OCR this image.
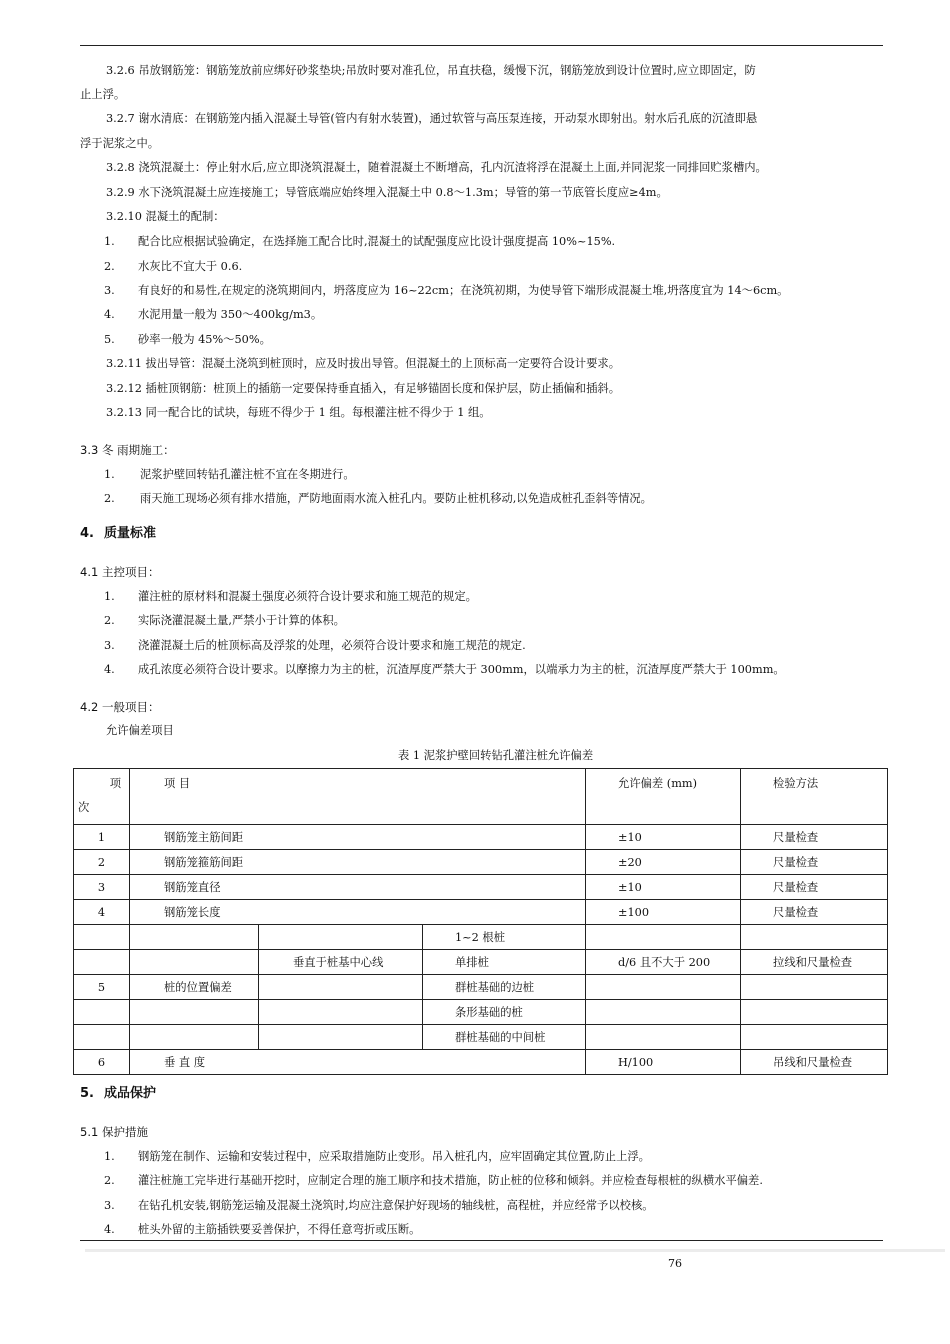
3.2.6 吊放钢筋笼：钢筋笼放前应绑好砂浆垫块;吊放时要对准孔位，吊直扶稳，缓慢下沉，钢筋笼放到设计位置时,应立即固定，防
止上浮。
3.2.7 谢水清底：在钢筋笼内插入混凝土导管(管内有射水装置)，通过软管与高压泵连接，开动泵水即射出。射水后孔底的沉渣即悬
浮于泥浆之中。
3.2.8 浇筑混凝土：停止射水后,应立即浇筑混凝土，随着混凝土不断增高，孔内沉渣将浮在混凝土上面,并同泥浆一同排回贮浆槽内。
3.2.9 水下浇筑混凝土应连接施工；导管底端应始终埋入混凝土中 0.8～1.3m；导管的第一节底管长度应≥4m。
3.2.10 混凝土的配制：
1. 配合比应根据试验确定，在选择施工配合比时,混凝土的试配强度应比设计强度提高 10%~15%.
2. 水灰比不宜大于 0.6.
3. 有良好的和易性,在规定的浇筑期间内，坍落度应为 16~22cm；在浇筑初期，为使导管下端形成混凝土堆,坍落度宜为 14～6cm。
4. 水泥用量一般为 350～400kg/m3。
5. 砂率一般为 45%～50%。
3.2.11 拔出导管：混凝土浇筑到桩顶时，应及时拔出导管。但混凝土的上顶标高一定要符合设计要求。
3.2.12 插桩顶钢筋：桩顶上的插筋一定要保持垂直插入，有足够锚固长度和保护层，防止插偏和插斜。
3.2.13 同一配合比的试块，每班不得少于 1 组。每根灌注桩不得少于 1 组。
3.3 冬 雨期施工：
1. 泥浆护壁回转钻孔灌注桩不宜在冬期进行。
2. 雨天施工现场必须有排水措施，严防地面雨水流入桩孔内。要防止桩机移动,以免造成桩孔歪斜等情况。
4. 质量标准
4.1 主控项目：
1. 灌注桩的原材料和混凝土强度必须符合设计要求和施工规范的规定。
2. 实际浇灌混凝土量,严禁小于计算的体积。
3. 浇灌混凝土后的桩顶标高及浮浆的处理，必须符合设计要求和施工规范的规定.
4. 成孔浓度必须符合设计要求。以摩擦力为主的桩，沉渣厚度严禁大于 300mm，以端承力为主的桩，沉渣厚度严禁大于 100mm。
4.2 一般项目：
允许偏差项目
表 1 泥浆护壁回转钻孔灌注桩允许偏差
项
次	项 目			允许偏差 (mm)	检验方法
1	钢筋笼主筋间距			±10	尺量检查
2	钢筋笼箍筋间距			±20	尺量检查
3	钢筋笼直径			±10	尺量检查
4	钢筋笼长度			±100	尺量检查
			1~2 根桩		
		垂直于桩基中心线	单排桩	d/6 且不大于 200	拉线和尺量检查
5	桩的位置偏差		群桩基础的边桩		
			条形基础的桩		
			群桩基础的中间桩		
6	垂 直 度			H/100	吊线和尺量检查
5. 成品保护
5.1 保护措施
1. 钢筋笼在制作、运输和安装过程中，应采取措施防止变形。吊入桩孔内，应牢固确定其位置,防止上浮。
2. 灌注桩施工完毕进行基础开挖时，应制定合理的施工顺序和技术措施，防止桩的位移和倾斜。并应检查每根桩的纵横水平偏差.
3. 在钻孔机安装,钢筋笼运输及混凝土浇筑时,均应注意保护好现场的轴线桩，高程桩，并应经常予以校核。
4. 桩头外留的主筋插铁要妥善保护，不得任意弯折或压断。
76
